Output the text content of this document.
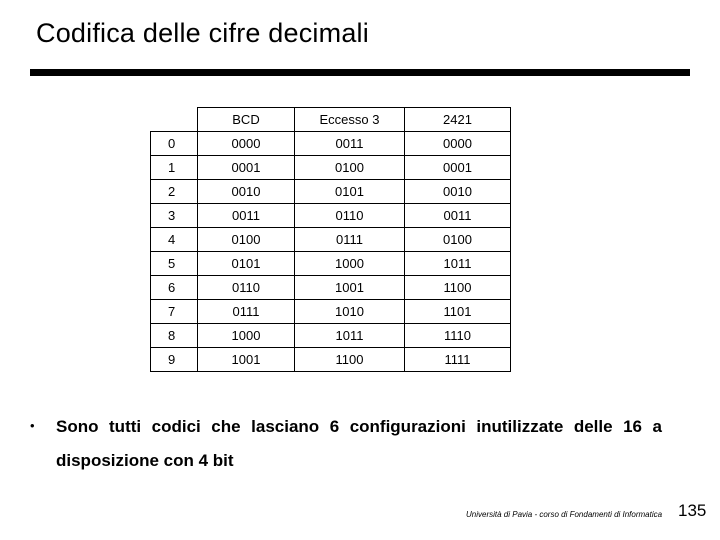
Codifica delle cifre decimali
	BCD	Eccesso 3	2421
0	0000	0011	0000
1	0001	0100	0001
2	0010	0101	0010
3	0011	0110	0011
4	0100	0111	0100
5	0101	1000	1011
6	0110	1001	1100
7	0111	1010	1101
8	1000	1011	1110
9	1001	1100	1111
• Sono tutti codici che lasciano 6 configurazioni inutilizzate delle 16 a disposizione con 4 bit
Università di Pavia - corso di Fondamenti di Informatica 135
